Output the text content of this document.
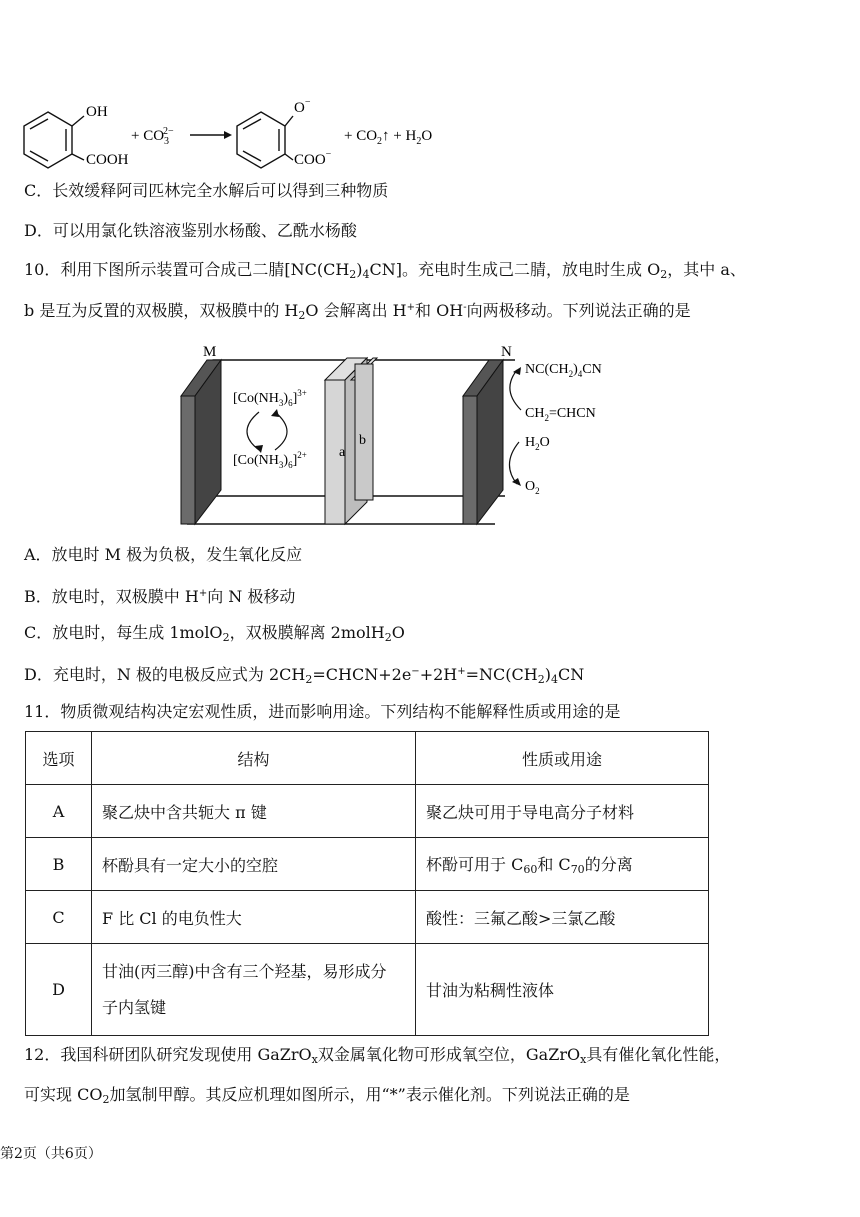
OH
COOH
+ $CO_32-$
O−
COO−
+ $CO_2↑ + H_2O$
C．长效缓释阿司匹林完全水解后可以得到三种物质
D．可以用氯化铁溶液鉴别水杨酸、乙酰水杨酸
10．利用下图所示装置可合成己二腈$[NC(CH_2)_4CN]$。充电时生成己二腈，放电时生成 $O_2$，其中 a、
b 是互为反置的双极膜，双极膜中的 $H_2O$ 会解离出 H+和 OH-向两极移动。下列说法正确的是
a
b
M	N
$[Co(NH_3)_6]^{3+}$
$[Co(NH_3)_6]^{2+}$
$NC(CH_2)_4CN$
$CH_2=CHCN$
$H_2O$
$O_2$
A．放电时 M 极为负极，发生氧化反应
B．放电时，双极膜中 H+向 N 极移动
C．放电时，每生成 1molO$_2$，双极膜解离 2molH$_2$O
D．充电时，N 极的电极反应式为 $2CH_2=CHCN+2e^-+2H^+=NC(CH_2)_4CN$
11．物质微观结构决定宏观性质，进而影响用途。下列结构不能解释性质或用途的是
选项	结构	性质或用途
A	聚乙炔中含共轭大 π 键	聚乙炔可用于导电高分子材料
B	杯酚具有一定大小的空腔	杯酚可用于 $C_{60}$和 $C_{70}$的分离
C	F 比 Cl 的电负性大	酸性：三氟乙酸>三氯乙酸
D	甘油(丙三醇)中含有三个羟基，易形成分
子内氢键	甘油为粘稠性液体
12．我国科研团队研究发现使用 GaZrO$_x$双金属氧化物可形成氧空位，GaZrO$_x$具有催化氧化性能，
可实现 $CO_2$加氢制甲醇。其反应机理如图所示，用“*”表示催化剂。下列说法正确的是
第2页（共6页）
